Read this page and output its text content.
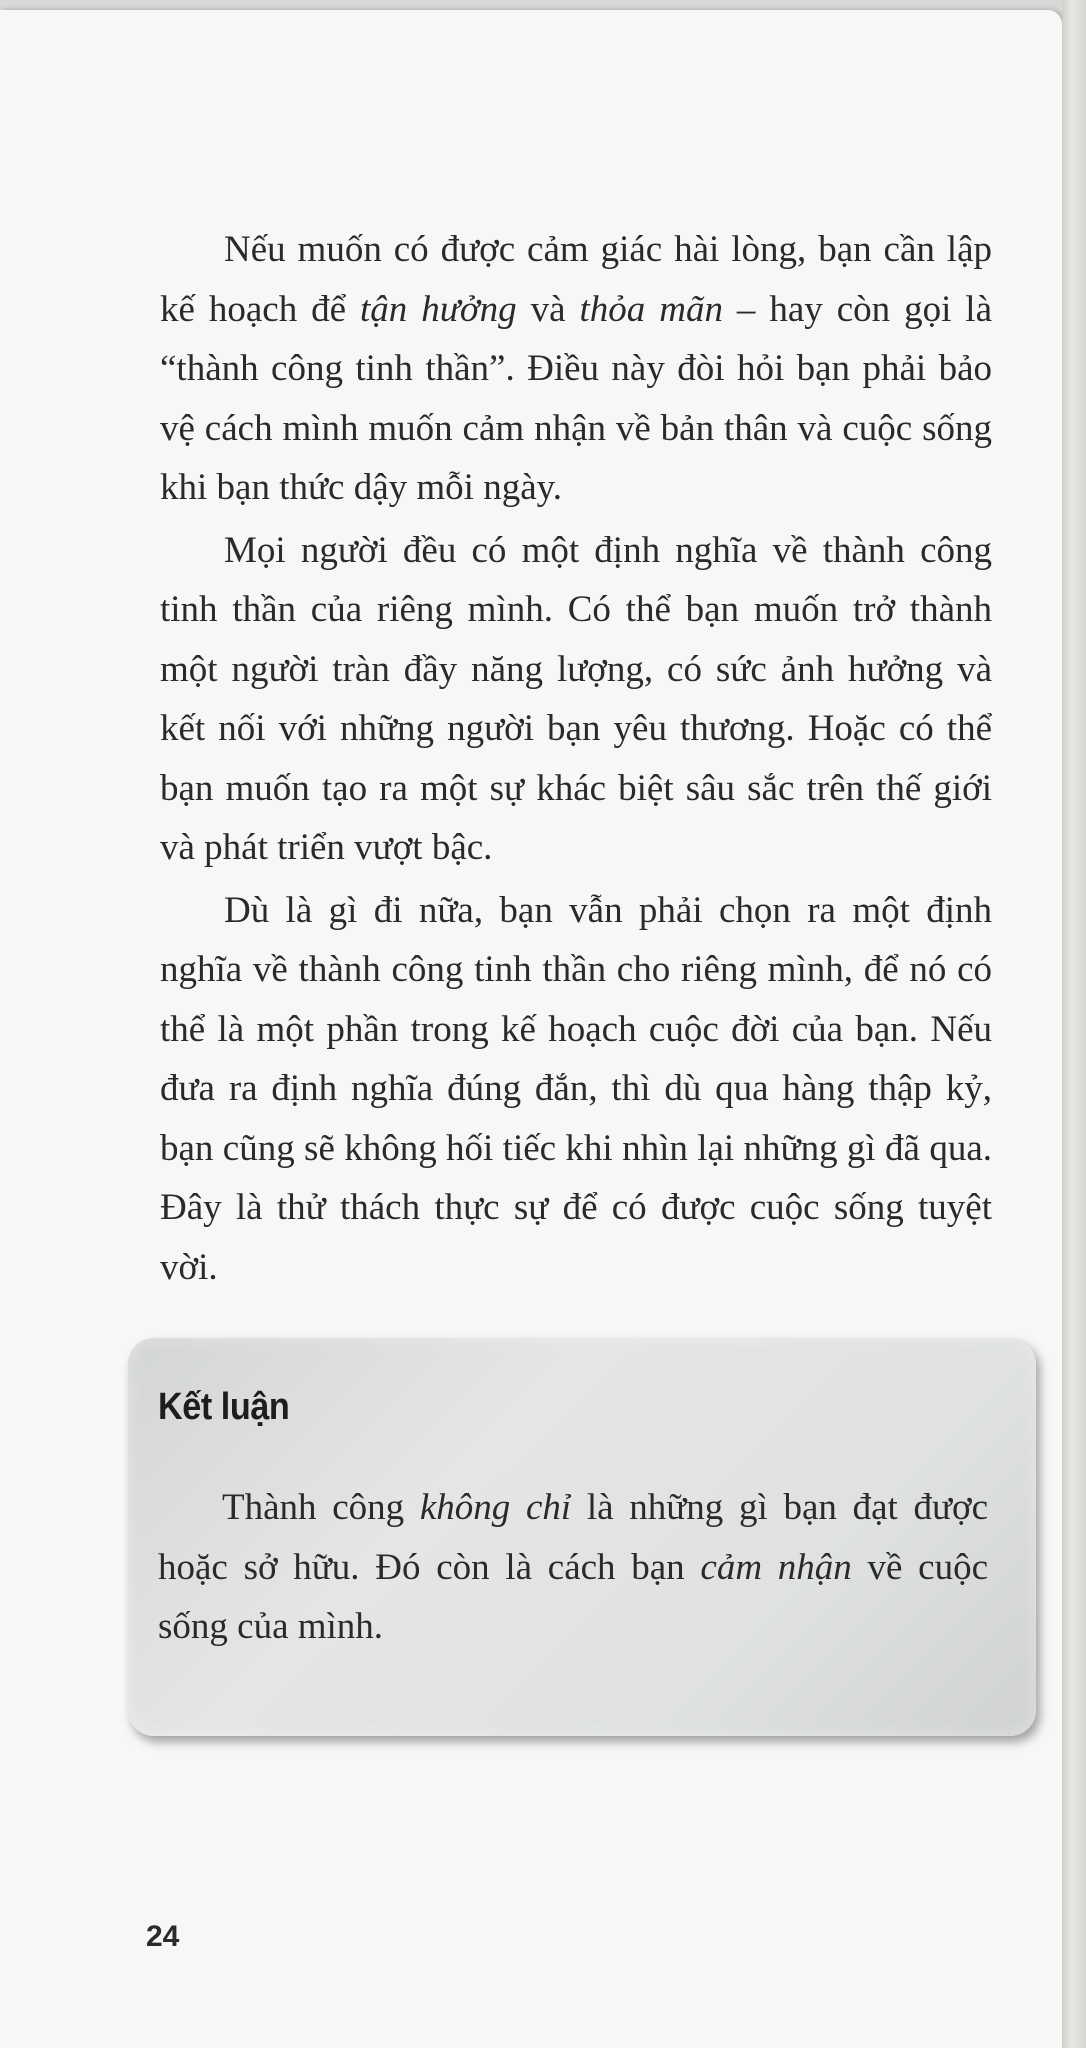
Nếu muốn có được cảm giác hài lòng, bạn cần lập kế hoạch để tận hưởng và thỏa mãn – hay còn gọi là “thành công tinh thần”. Điều này đòi hỏi bạn phải bảo vệ cách mình muốn cảm nhận về bản thân và cuộc sống khi bạn thức dậy mỗi ngày.

Mọi người đều có một định nghĩa về thành công tinh thần của riêng mình. Có thể bạn muốn trở thành một người tràn đầy năng lượng, có sức ảnh hưởng và kết nối với những người bạn yêu thương. Hoặc có thể bạn muốn tạo ra một sự khác biệt sâu sắc trên thế giới và phát triển vượt bậc.

Dù là gì đi nữa, bạn vẫn phải chọn ra một định nghĩa về thành công tinh thần cho riêng mình, để nó có thể là một phần trong kế hoạch cuộc đời của bạn. Nếu đưa ra định nghĩa đúng đắn, thì dù qua hàng thập kỷ, bạn cũng sẽ không hối tiếc khi nhìn lại những gì đã qua. Đây là thử thách thực sự để có được cuộc sống tuyệt vời.

Kết luận

Thành công không chỉ là những gì bạn đạt được hoặc sở hữu. Đó còn là cách bạn cảm nhận về cuộc sống của mình.

24
